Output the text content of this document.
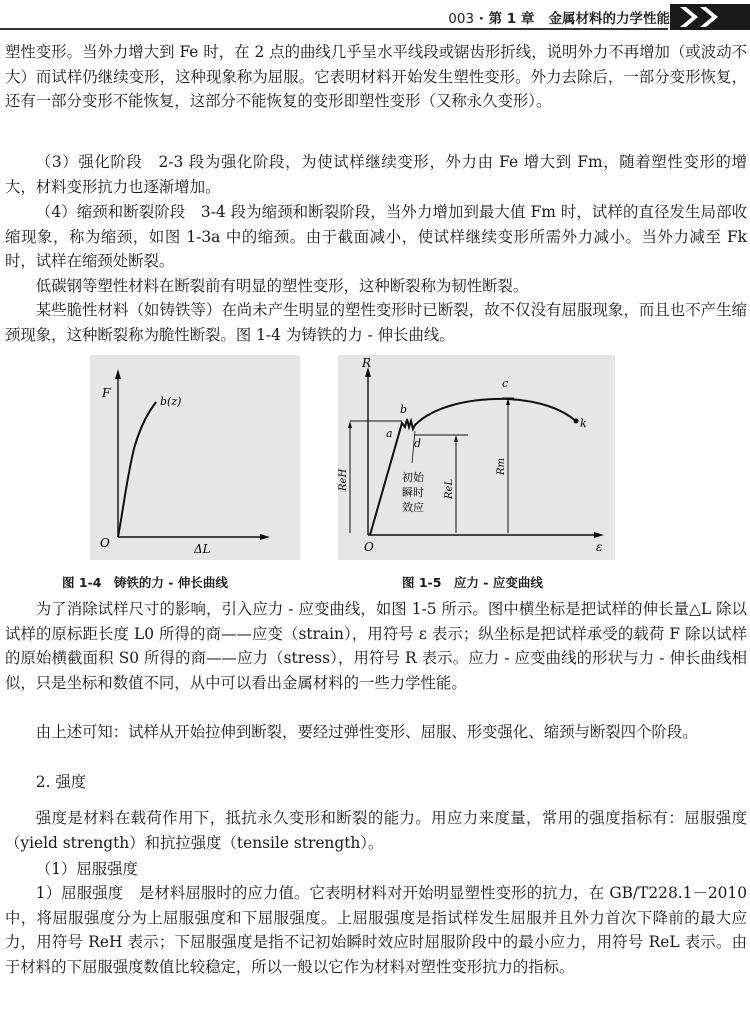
003 · 第 1 章 金属材料的力学性能

塑性变形。当外力增大到 Fe 时，在 2 点的曲线几乎呈水平线段或锯齿形折线，说明外力不再增加（或波动不大）而试样仍继续变形，这种现象称为屈服。它表明材料开始发生塑性变形。外力去除后，一部分变形恢复，还有一部分变形不能恢复，这部分不能恢复的变形即塑性变形（又称永久变形）。

（3）强化阶段　2-3 段为强化阶段，为使试样继续变形，外力由 Fe 增大到 Fm，随着塑性变形的增大，材料变形抗力也逐渐增加。

（4）缩颈和断裂阶段　3-4 段为缩颈和断裂阶段，当外力增加到最大值 Fm 时，试样的直径发生局部收缩现象，称为缩颈，如图 1-3a 中的缩颈。由于截面减小，使试样继续变形所需外力减小。当外力减至 Fk 时，试样在缩颈处断裂。

低碳钢等塑性材料在断裂前有明显的塑性变形，这种断裂称为韧性断裂。

某些脆性材料（如铸铁等）在尚未产生明显的塑性变形时已断裂，故不仅没有屈服现象，而且也不产生缩颈现象，这种断裂称为脆性断裂。图 1-4 为铸铁的力 - 伸长曲线。

F
ΔL
O
b(z)
R
ε
O
a
b
c
d
k
ReH	ReL
Rm
初始
瞬时
效应
图 1-4　铸铁的力 - 伸长曲线	图 1-5　应力 - 应变曲线

为了消除试样尺寸的影响，引入应力 - 应变曲线，如图 1-5 所示。图中横坐标是把试样的伸长量△L 除以试样的原标距长度 L0 所得的商——应变（strain），用符号 ε 表示；纵坐标是把试样承受的载荷 F 除以试样的原始横截面积 S0 所得的商——应力（stress），用符号 R 表示。应力 - 应变曲线的形状与力 - 伸长曲线相似，只是坐标和数值不同，从中可以看出金属材料的一些力学性能。

由上述可知：试样从开始拉伸到断裂，要经过弹性变形、屈服、形变强化、缩颈与断裂四个阶段。

2. 强度

强度是材料在载荷作用下，抵抗永久变形和断裂的能力。用应力来度量，常用的强度指标有：屈服强度（yield strength）和抗拉强度（tensile strength）。

（1）屈服强度

1）屈服强度　是材料屈服时的应力值。它表明材料对开始明显塑性变形的抗力，在 GB/T228.1－2010 中，将屈服强度分为上屈服强度和下屈服强度。上屈服强度是指试样发生屈服并且外力首次下降前的最大应力，用符号 ReH 表示；下屈服强度是指不记初始瞬时效应时屈服阶段中的最小应力，用符号 ReL 表示。由于材料的下屈服强度数值比较稳定，所以一般以它作为材料对塑性变形抗力的指标。
